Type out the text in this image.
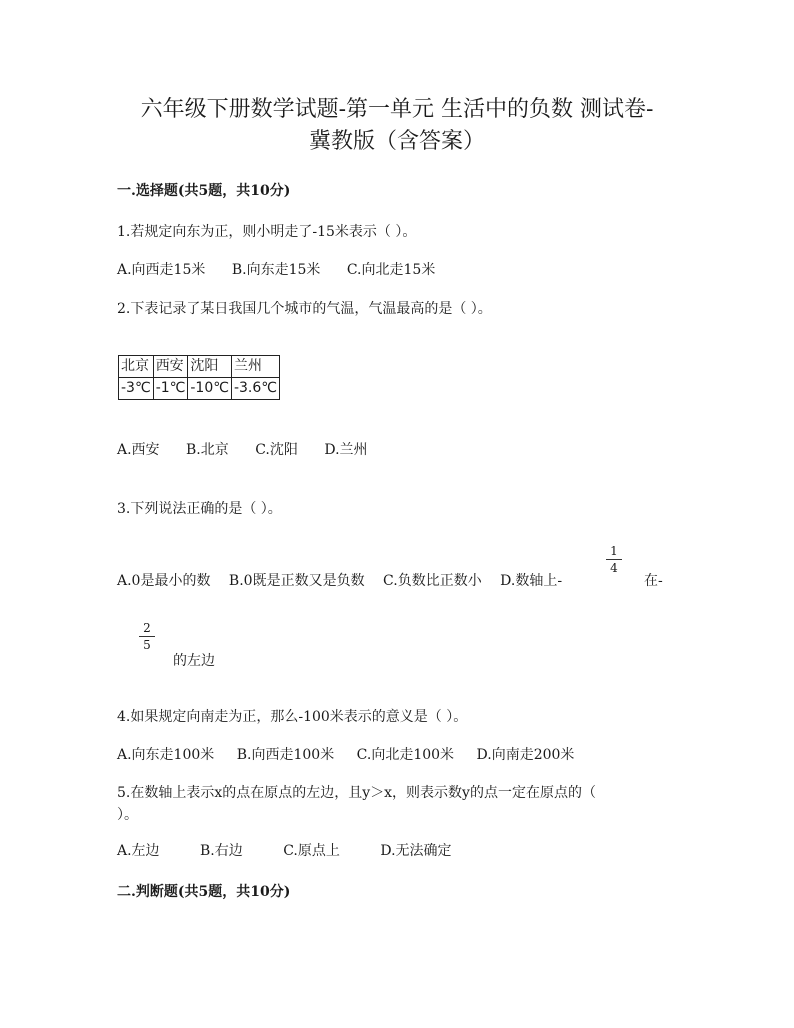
六年级下册数学试题-第一单元 生活中的负数 测试卷-
冀教版（含答案）
一.选择题(共5题，共10分)
1.若规定向东为正，则小明走了-15米表示（ ）。
A.向西走15米 B.向东走15米 C.向北走15米
2.下表记录了某日我国几个城市的气温，气温最高的是（ ）。
北京	西安	沈阳	兰州
-3℃	-1℃	-10℃	-3.6℃
A.西安 B.北京 C.沈阳 D.兰州
3.下列说法正确的是（ ）。
A.0是最小的数 B.0既是正数又是负数 C.负数比正数小 D.数轴上-
1
4
在-
2
5
的左边
4.如果规定向南走为正，那么-100米表示的意义是（ ）。
A.向东走100米 B.向西走100米 C.向北走100米 D.向南走200米
5.在数轴上表示x的点在原点的左边，且y＞x，则表示数y的点一定在原点的（
）。
A.左边	B.右边	C.原点上	D.无法确定
二.判断题(共5题，共10分)
